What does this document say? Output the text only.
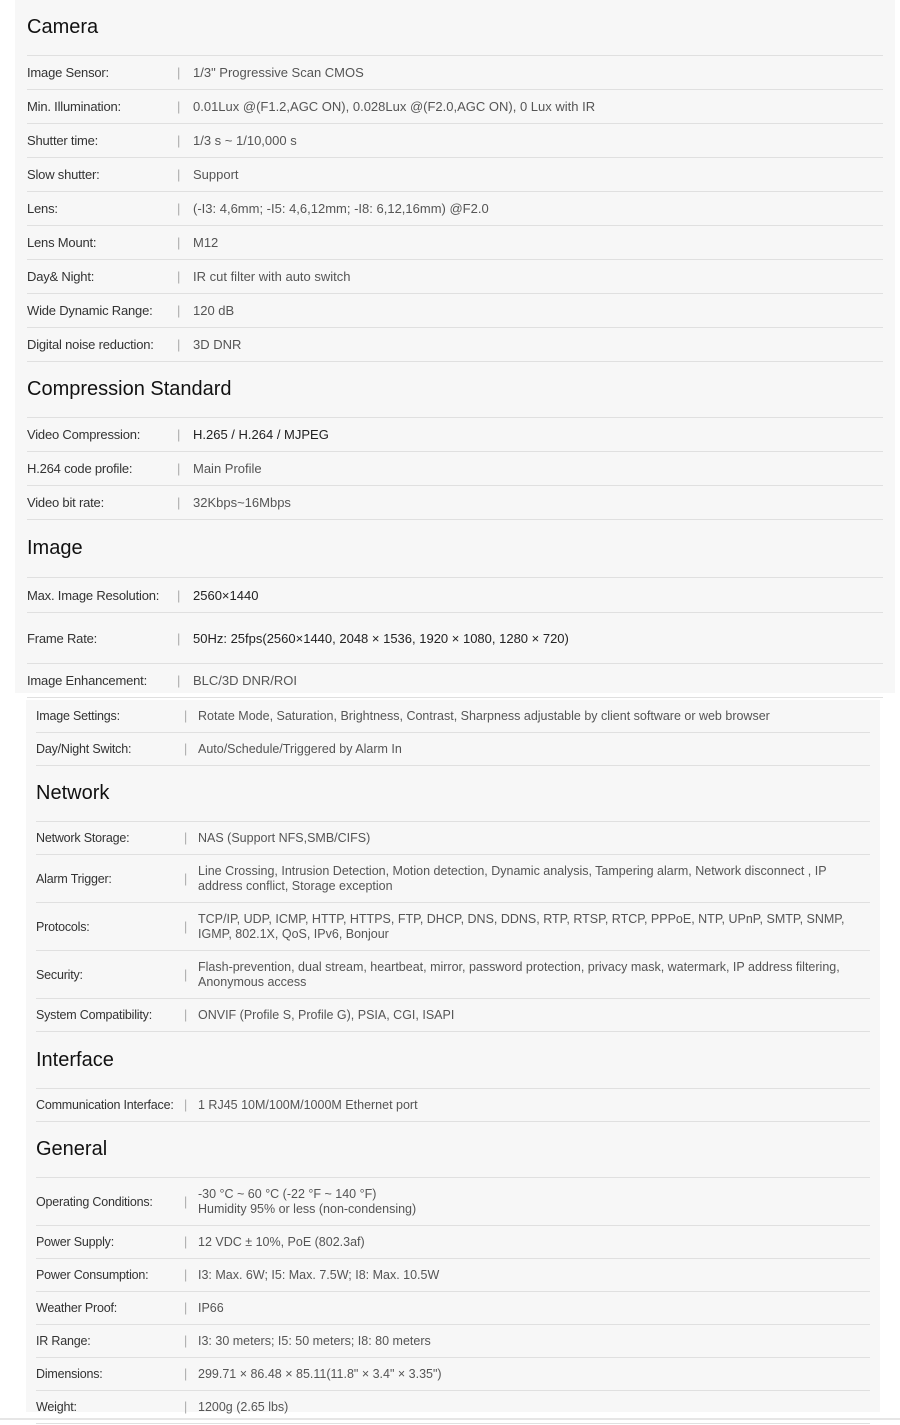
Camera
Image Sensor:	| 1/3" Progressive Scan CMOS
Min. Illumination:	| 0.01Lux @(F1.2,AGC ON), 0.028Lux @(F2.0,AGC ON), 0 Lux with IR
Shutter time:	| 1/3 s ~ 1/10,000 s
Slow shutter:	| Support
Lens:	| (-I3: 4,6mm; -I5: 4,6,12mm; -I8: 6,12,16mm) @F2.0
Lens Mount:	| M12
Day& Night:	| IR cut filter with auto switch
Wide Dynamic Range:	| 120 dB
Digital noise reduction:	| 3D DNR
Compression Standard
Video Compression:	| H.265 / H.264 / MJPEG
H.264 code profile:	| Main Profile
Video bit rate:	| 32Kbps~16Mbps
Image
Max. Image Resolution:	| 2560×1440
Frame Rate:	| 50Hz: 25fps(2560×1440, 2048 × 1536, 1920 × 1080, 1280 × 720)
Image Enhancement:	| BLC/3D DNR/ROI
Image Settings:	| Rotate Mode, Saturation, Brightness, Contrast, Sharpness adjustable by client software or web browser
Day/Night Switch:	| Auto/Schedule/Triggered by Alarm In
Network
Network Storage:	| NAS (Support NFS,SMB/CIFS)
Alarm Trigger:	|
Line Crossing, Intrusion Detection, Motion detection, Dynamic analysis, Tampering alarm, Network disconnect , IP address conflict, Storage exception
Protocols:	|
TCP/IP, UDP, ICMP, HTTP, HTTPS, FTP, DHCP, DNS, DDNS, RTP, RTSP, RTCP, PPPoE, NTP, UPnP, SMTP, SNMP, IGMP, 802.1X, QoS, IPv6, Bonjour
Security:	|
Flash-prevention, dual stream, heartbeat, mirror, password protection, privacy mask, watermark, IP address filtering, Anonymous access
System Compatibility:	| ONVIF (Profile S, Profile G), PSIA, CGI, ISAPI
Interface
Communication Interface: | 1 RJ45 10M/100M/1000M Ethernet port
General
Operating Conditions:	|
-30 °C ~ 60 °C (-22 °F ~ 140 °F)
Humidity 95% or less (non-condensing)
Power Supply:	| 12 VDC ± 10%, PoE (802.3af)
Power Consumption:	| I3: Max. 6W; I5: Max. 7.5W; I8: Max. 10.5W
Weather Proof:	| IP66
IR Range:	| I3: 30 meters; I5: 50 meters; I8: 80 meters
Dimensions:	| 299.71 × 86.48 × 85.11(11.8" × 3.4" × 3.35")
Weight:	| 1200g (2.65 lbs)
